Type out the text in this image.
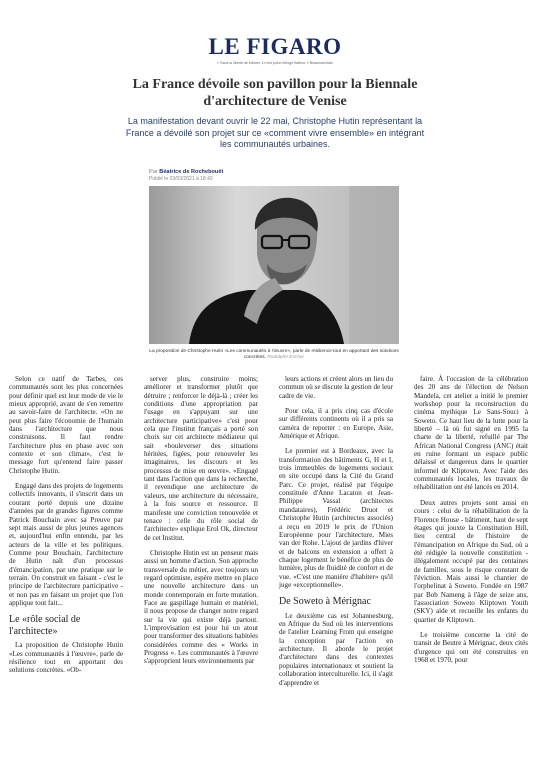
LE FIGARO
« Sans la liberté de blâmer, il n'est point d'éloge flatteur. » Beaumarchais
La France dévoile son pavillon pour la Biennale d'architecture de Venise
La manifestation devant ouvrir le 22 mai, Christophe Hutin représentant la France a dévoilé son projet sur ce «comment vivre ensemble» en intégrant les communautés urbaines.
Par Béatrice de Rochebouët
Publié le 03/03/2021 à 18:43
La proposition de Christophe Hutin «Les communautés à l'œuvre», parle de résilience tout en apportant des solutions concrètes. Rodolphe Escher

Selon ce natif de Tarbes, ces communautés sont les plus concernées pour définir quel est leur mode de vie le mieux approprié, avant de s'en remettre au savoir-faire de l'architecte. «On ne peut plus faire l'économie de l'humain dans l'architecture que nous construisons. Il faut rendre l'architecture plus en phase avec son contexte et son climat», c'est le message fort qu'entend faire passer Christophe Hutin.

Engagé dans des projets de logements collectifs innovants, il s'inscrit dans un courant porté depuis une dizaine d'années par de grandes figures comme Patrick Bouchain avec sa Preuve par sept mais aussi de plus jeunes agences et, aujourd'hui enfin entendu, par les acteurs de la ville et les politiques. Comme pour Bouchain, l'architecture de Hutin naît d'un processus d'émancipation, par une pratique sur le terrain. On construit en faisant - c'est le principe de l'architecture participative - et non pas en faisant un projet que l'on applique tout fait...

Le «rôle social de l'architecte»

La proposition de Christophe Hutin «Les communautés à l'œuvre», parle de résilience tout en apportant des solutions concrètes. «Ob-

server plus, construire moins; améliorer et transformer plutôt que détruire ; renforcer le déjà-là ; créer les conditions d'une appropriation par l'usage en s'appuyant sur une architecture participative» c'est pour cela que l'institut français a porté son choix sur cet architecte médiateur qui sait «bouleverser des situations héritées, figées, pour renouveler les imaginaires, les discours et les processus de mise en œuvre». «Engagé tant dans l'action que dans la recherche, il revendique une architecture de valeurs, une architecture du nécessaire, à la fois source et ressource. Il manifeste une conviction renouvelée et tenace : celle du rôle social de l'architecte» explique Erol Ok, directeur de cet Institut.

Christophe Hutin est un penseur mais aussi un homme d'action. Son approche transversale du métier, avec toujours un regard optimiste, espère mettre en place une nouvelle architecture dans un monde contemporain en forte mutation. Face au gaspillage humain et matériel, il nous propose de changer notre regard sur la vie qui existe déjà partout. L'improvisation est pour lui un atout pour transformer des situations habitées considérées comme des « Works in Progress ». Les communautés à l'œuvre s'approprient leurs environnements par

leurs actions et créent alors un lieu du commun où se discute la gestion de leur cadre de vie.

Pour cela, il a pris cinq cas d'école sur différents continents où il a pris sa caméra de reporter : en Europe, Asie, Amérique et Afrique.

Le premier est à Bordeaux, avec la transformation des bâtiments G, H et I, trois immeubles de logements sociaux en site occupé dans la Cité du Grand Parc. Ce projet, réalisé par l'équipe constituée d'Anne Lacaton et Jean-Philippe Vassal (architectes mandataires), Frédéric Druot et Christophe Hutin (architectes associés) a reçu en 2019 le prix de l'Union Européenne pour l'architecture, Mies van der Rohe. L'ajout de jardins d'hiver et de balcons en extension a offert à chaque logement le bénéfice de plus de lumière, plus de fluidité de confort et de vue. «C'est une manière d'habiter» qu'il juge «exceptionnelle».

De Soweto à Mérignac

Le deuxième cas est Johannesburg, en Afrique du Sud où les interventions de l'atelier Learning From qui enseigne la conception par l'action en architecture. Il aborde le projet d'architecture dans des contextes populaires internationaux et soutient la collaboration interculturelle. Ici, il s'agit d'apprendre et

faire. À l'occasion de la célébration des 20 ans de l'élection de Nelson Mandela, cet atelier a initié le premier workshop pour la reconstruction du cinéma mythique Le Sans-Souci à Soweto. Ce haut lieu de la lutte pour la liberté – là où fut signé en 1995 la charte de la liberté, refuillé par The African National Congress (ANC) était en ruine formant un espace public délaissé et dangereux dans le quartier informel de Kliptown. Avec l'aide des communautés locales, les travaux de réhabilitation ont été lancés en 2014.

Deux autres projets sont aussi en cours : celui de la réhabilitation de la Florence House - bâtiment, haut de sept étages qui jouxte la Constitution Hill, lieu central de l'histoire de l'émancipation en Afrique du Sud, où a été rédigée la nouvelle constitution - illégalement occupé par des centaines de familles, sous le risque constant de l'éviction. Mais aussi le chantier de l'orphelinat à Soweto. Fondée en 1987 par Bob Nameng à l'âge de seize ans, l'association Soweto Kliptown Youth (SKY) aide et recueille les enfants du quartier de Kliptown.

Le troisième concerne la cité de transit de Beutre à Mérignac, deux cités d'urgence qui ont été construites en 1968 et 1970, pour
